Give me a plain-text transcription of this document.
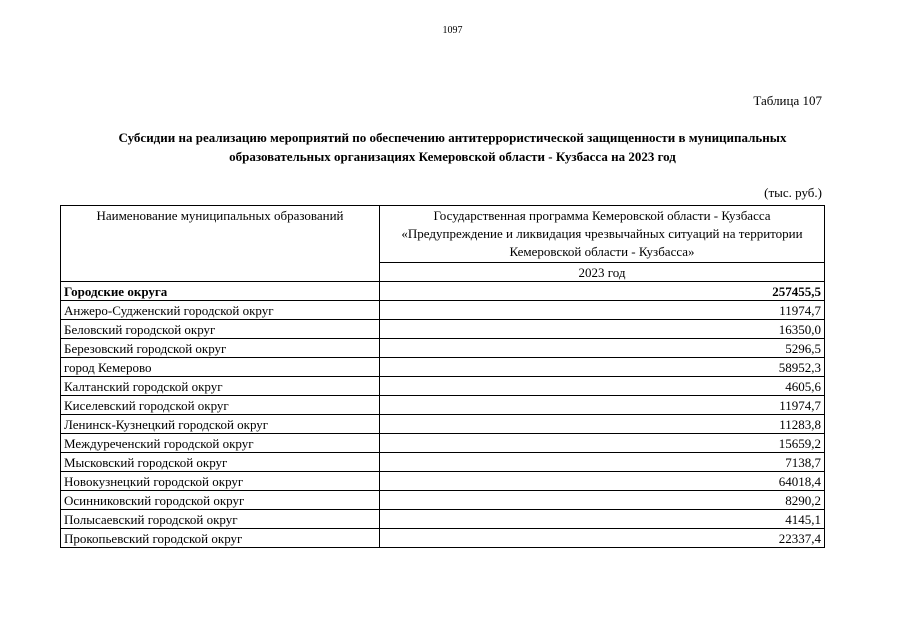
1097
Таблица 107
Субсидии на реализацию мероприятий по обеспечению антитеррористической защищенности в муниципальных
образовательных организациях Кемеровской области - Кузбасса на 2023 год
(тыс. руб.)
Наименование муниципальных образований	Государственная программа Кемеровской области - Кузбасса
«Предупреждение и ликвидация чрезвычайных ситуаций на территории
Кемеровской области - Кузбасса»

	2023 год
Городские округа	257455,5
Анжеро-Судженский городской округ	11974,7
Беловский городской округ	16350,0
Березовский городской округ	5296,5
город Кемерово	58952,3
Калтанский городской округ	4605,6
Киселевский городской округ	11974,7
Ленинск-Кузнецкий городской округ	11283,8
Междуреченский городской округ	15659,2
Мысковский городской округ	7138,7
Новокузнецкий городской округ	64018,4
Осинниковский городской округ	8290,2
Полысаевский городской округ	4145,1
Прокопьевский городской округ	22337,4
